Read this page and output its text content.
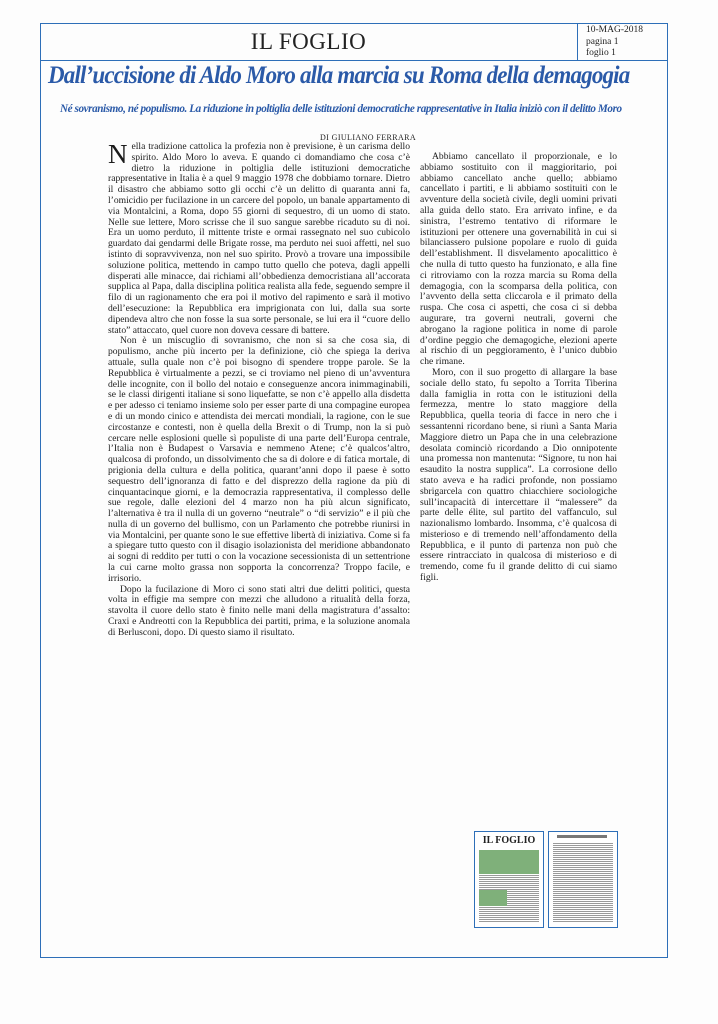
IL FOGLIO	10-MAG-2018
pagina 1
foglio 1
Dall’uccisione di Aldo Moro alla marcia su Roma della demagogia
Né sovranismo, né populismo. La riduzione in poltiglia delle istituzioni democratiche rappresentative in Italia iniziò con il delitto Moro
DI GIULIANO FERRARA

Nella tradizione cattolica la profezia non è previsione, è un carisma dello spirito. Aldo Moro lo aveva. E quando ci domandiamo che cosa c’è dietro la riduzione in poltiglia delle istituzioni democratiche rappresentative in Italia è a quel 9 maggio 1978 che dobbiamo tornare. Dietro il disastro che abbiamo sotto gli occhi c’è un delitto di quaranta anni fa, l’omicidio per fucilazione in un carcere del popolo, un banale appartamento di via Montalcini, a Roma, dopo 55 giorni di sequestro, di un uomo di stato. Nelle sue lettere, Moro scrisse che il suo sangue sarebbe ricaduto su di noi. Era un uomo perduto, il mittente triste e ormai rassegnato nel suo cubicolo guardato dai gendarmi delle Brigate rosse, ma perduto nei suoi affetti, nel suo istinto di sopravvivenza, non nel suo spirito. Provò a trovare una impossibile soluzione politica, mettendo in campo tutto quello che poteva, dagli appelli disperati alle minacce, dai richiami all’obbedienza democristiana all’accorata supplica al Papa, dalla disciplina politica realista alla fede, seguendo sempre il filo di un ragionamento che era poi il motivo del rapimento e sarà il motivo dell’esecuzione: la Repubblica era imprigionata con lui, dalla sua sorte dipendeva altro che non fosse la sua sorte personale, se lui era il “cuore dello stato” attaccato, quel cuore non doveva cessare di battere.

Non è un miscuglio di sovranismo, che non si sa che cosa sia, di populismo, anche più incerto per la definizione, ciò che spiega la deriva attuale, sulla quale non c’è poi bisogno di spendere troppe parole. Se la Repubblica è virtualmente a pezzi, se ci troviamo nel pieno di un’avventura delle incognite, con il bollo del notaio e conseguenze ancora inimmaginabili, se le classi dirigenti italiane si sono liquefatte, se non c’è appello alla disdetta e per adesso ci teniamo insieme solo per esser parte di una compagine europea e di un mondo cinico e attendista dei mercati mondiali, la ragione, con le sue circostanze e contesti, non è quella della Brexit o di Trump, non la si può cercare nelle esplosioni quelle sì populiste di una parte dell’Europa centrale, l’Italia non è Budapest o Varsavia e nemmeno Atene; c’è qualcos’altro, qualcosa di profondo, un dissolvimento che sa di dolore e di fatica mortale, di prigionia della cultura e della politica, quarant’anni dopo il paese è sotto sequestro dell’ignoranza di fatto e del disprezzo della ragione da più di cinquantacinque giorni, e la democrazia rappresentativa, il complesso delle sue regole, dalle elezioni del 4 marzo non ha più alcun significato, l’alternativa è tra il nulla di un governo “neutrale” o “di servizio” e il più che nulla di un governo del bullismo, con un Parlamento che potrebbe riunirsi in via Montalcini, per quante sono le sue effettive libertà di iniziativa. Come si fa a spiegare tutto questo con il disagio isolazionista del meridione abbandonato ai sogni di reddito per tutti o con la vocazione secessionista di un settentrione la cui carne molto grassa non sopporta la concorrenza? Troppo facile, e irrisorio.

Dopo la fucilazione di Moro ci sono stati altri due delitti politici, questa volta in effigie ma sempre con mezzi che alludono a ritualità della forza, stavolta il cuore dello stato è finito nelle mani della magistratura d’assalto: Craxi e Andreotti con la Repubblica dei partiti, prima, e la soluzione anomala di Berlusconi, dopo. Di questo siamo il risultato.

Abbiamo cancellato il proporzionale, e lo abbiamo sostituito con il maggioritario, poi abbiamo cancellato anche quello; abbiamo cancellato i partiti, e li abbiamo sostituiti con le avventure della società civile, degli uomini privati alla guida dello stato. Era arrivato infine, e da sinistra, l’estremo tentativo di riformare le istituzioni per ottenere una governabilità in cui si bilanciassero pulsione popolare e ruolo di guida dell’establishment. Il disvelamento apocalittico è che nulla di tutto questo ha funzionato, e alla fine ci ritroviamo con la rozza marcia su Roma della demagogia, con la scomparsa della politica, con l’avvento della setta cliccarola e il primato della ruspa. Che cosa ci aspetti, che cosa ci si debba augurare, tra governi neutrali, governi che abrogano la ragione politica in nome di parole d’ordine peggio che demagogiche, elezioni aperte al rischio di un peggioramento, è l’unico dubbio che rimane.

Moro, con il suo progetto di allargare la base sociale dello stato, fu sepolto a Torrita Tiberina dalla famiglia in rotta con le istituzioni della fermezza, mentre lo stato maggiore della Repubblica, quella teoria di facce in nero che i sessantenni ricordano bene, si riunì a Santa Maria Maggiore dietro un Papa che in una celebrazione desolata cominciò ricordando a Dio onnipotente una promessa non mantenuta: “Signore, tu non hai esaudito la nostra supplica”. La corrosione dello stato aveva e ha radici profonde, non possiamo sbrigarcela con quattro chiacchiere sociologiche sull’incapacità di intercettare il “malessere” da parte delle élite, sul partito del vaffanculo, sul nazionalismo lombardo. Insomma, c’è qualcosa di misterioso e di tremendo nell’affondamento della Repubblica, e il punto di partenza non può che essere rintracciato in qualcosa di misterioso e di tremendo, come fu il grande delitto di cui siamo figli.

IL FOGLIO
